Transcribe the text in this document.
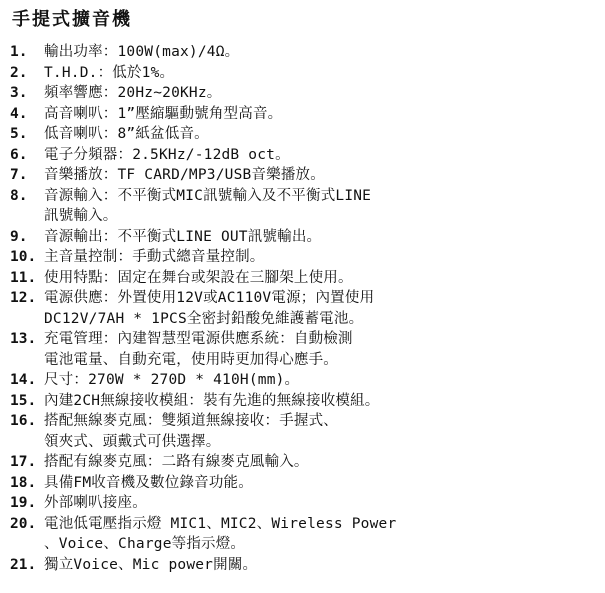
手提式擴音機
1.	輸出功率：100W(max)/4Ω。
2.	T.H.D.：低於1%。
3.	頻率響應：20Hz~20KHz。
4.	高音喇叭：1”壓縮驅動號角型高音。
5.	低音喇叭：8”紙盆低音。
6.	電子分頻器：2.5KHz/-12dB oct。
7.	音樂播放：TF CARD/MP3/USB音樂播放。
8.	音源輸入：不平衡式MIC訊號輸入及不平衡式LINE
訊號輸入。
9.	音源輸出：不平衡式LINE OUT訊號輸出。
10. 主音量控制：手動式總音量控制。
11. 使用特點：固定在舞台或架設在三腳架上使用。
12. 電源供應：外置使用12V或AC110V電源；內置使用
DC12V/7AH * 1PCS全密封鉛酸免維護蓄電池。
13. 充電管理：內建智慧型電源供應系統：自動檢測
電池電量、自動充電，使用時更加得心應手。
14. 尺寸：270W * 270D * 410H(mm)。
15. 內建2CH無線接收模組：裝有先進的無線接收模組。
16. 搭配無線麥克風：雙頻道無線接收：手握式、
領夾式、頭戴式可供選擇。
17. 搭配有線麥克風：二路有線麥克風輸入。
18. 具備FM收音機及數位錄音功能。
19. 外部喇叭接座。
20. 電池低電壓指示燈 MIC1、MIC2、Wireless Power
、Voice、Charge等指示燈。
21. 獨立Voice、Mic power開關。
